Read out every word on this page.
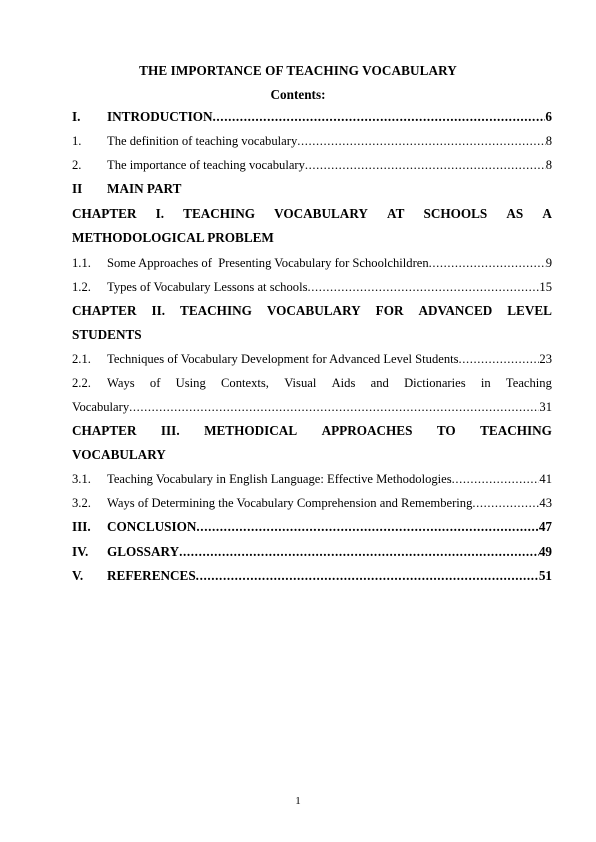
THE IMPORTANCE OF TEACHING VOCABULARY
Contents:
I. INTRODUCTION .....	6
1. The definition of teaching vocabulary .....	8
2. The importance of teaching vocabulary .....	8
II MAIN PART
CHAPTER I. TEACHING VOCABULARY AT SCHOOLS AS A
METHODOLOGICAL PROBLEM
1.1. Some Approaches of  Presenting Vocabulary for Schoolchildren .....	9
1.2. Types of Vocabulary Lessons at schools .....	15
CHAPTER II. TEACHING VOCABULARY FOR ADVANCED LEVEL
STUDENTS
2.1. Techniques of Vocabulary Development for Advanced Level Students .....	23
2.2. Ways of Using Contexts, Visual Aids and Dictionaries in Teaching
Vocabulary .....	31
CHAPTER III. METHODICAL APPROACHES TO TEACHING
VOCABULARY
3.1. Teaching Vocabulary in English Language: Effective Methodologies .....	41
3.2. Ways of Determining the Vocabulary Comprehension and Remembering .....	43
III. CONCLUSION .....	47
IV. GLOSSARY .....	49
V. REFERENCES .....	51
1
